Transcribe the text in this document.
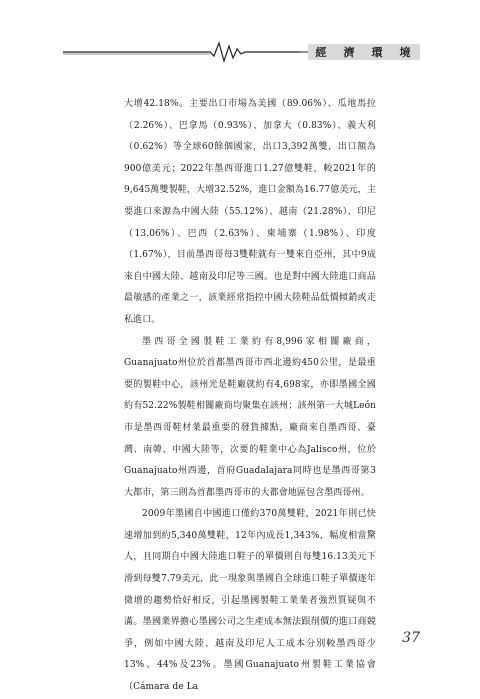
經 濟 環 境

大增42.18%。主要出口市場為美國（89.06%）、瓜地馬拉（2.26%）、巴拿馬（0.93%）、加拿大（0.83%）、義大利（0.62%）等全球60餘個國家，出口3,392萬雙，出口額為900億美元；2022年墨西哥進口1.27億雙鞋，較2021年的9,645萬雙製鞋，大增32.52%，進口金額為16.77億美元，主要進口來源為中國大陸（55.12%）、越南（21.28%）、印尼（13.06%）、巴西（2.63%）、柬埔寨（1.98%）、印度（1.67%），目前墨西哥每3雙鞋就有一雙來自亞州，其中9成來自中國大陸、越南及印尼等三國。也是對中國大陸進口商品最敏感的產業之一，該業經常指控中國大陸鞋品低價傾銷或走私進口。

墨西哥全國製鞋工業約有8,996家相關廠商，Guanajuato州位於首都墨西哥市西北邊約450公里，是最重要的製鞋中心，該州光是鞋廠就約有4,698家，亦即墨國全國約有52.22%製鞋相關廠商均聚集在該州；該州第一大城León市是墨西哥鞋材業最重要的發貨據點，廠商來自墨西哥、臺灣、南韓、中國大陸等，次要的鞋業中心為Jalisco州，位於Guanajuato州西邊，首府Guadalajara同時也是墨西哥第3大都市，第三則為首都墨西哥市的大都會地區包含墨西哥州。

2009年墨國自中國進口僅約370萬雙鞋，2021年則已快速增加到約5,340萬雙鞋，12年內成長1,343%，幅度相當驚人，且同期自中國大陸進口鞋子的單價則自每雙16.13美元下滑到每雙7.79美元，此一現象與墨國自全球進口鞋子單價逐年微增的趨勢恰好相反，引起墨國製鞋工業業者強烈質疑與不滿。墨國業界擔心墨國公司之生產成本無法跟削價的進口商競爭，例如中國大陸、越南及印尼人工成本分別較墨西哥少13%、44%及23%。墨國Guanajuato州製鞋工業協會（Cámara de La

37
